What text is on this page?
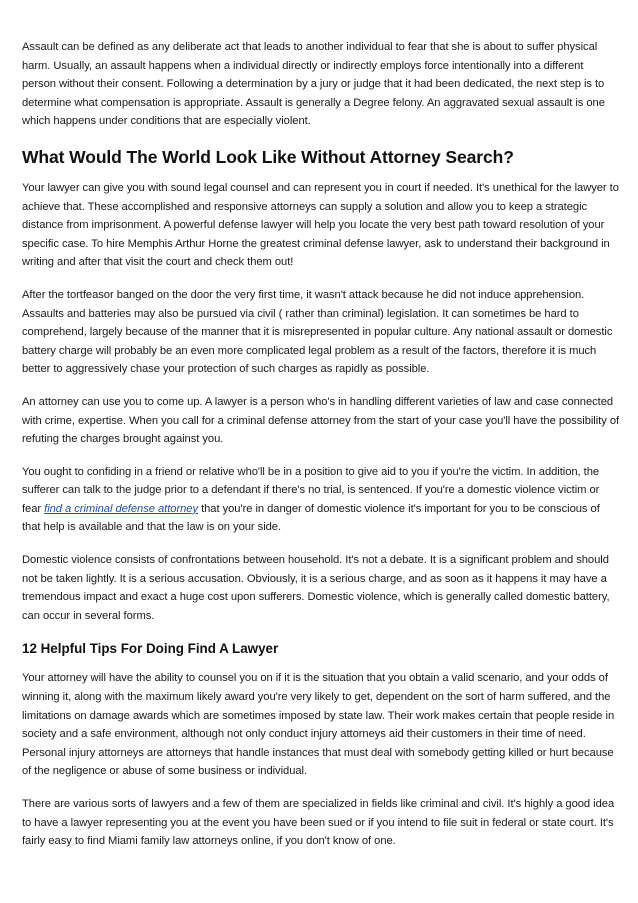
Assault can be defined as any deliberate act that leads to another individual to fear that she is about to suffer physical harm. Usually, an assault happens when a individual directly or indirectly employs force intentionally into a different person without their consent. Following a determination by a jury or judge that it had been dedicated, the next step is to determine what compensation is appropriate. Assault is generally a Degree felony. An aggravated sexual assault is one which happens under conditions that are especially violent.

What Would The World Look Like Without Attorney Search?

Your lawyer can give you with sound legal counsel and can represent you in court if needed. It's unethical for the lawyer to achieve that. These accomplished and responsive attorneys can supply a solution and allow you to keep a strategic distance from imprisonment. A powerful defense lawyer will help you locate the very best path toward resolution of your specific case. To hire Memphis Arthur Horne the greatest criminal defense lawyer, ask to understand their background in writing and after that visit the court and check them out!

After the tortfeasor banged on the door the very first time, it wasn't attack because he did not induce apprehension. Assaults and batteries may also be pursued via civil ( rather than criminal) legislation. It can sometimes be hard to comprehend, largely because of the manner that it is misrepresented in popular culture. Any national assault or domestic battery charge will probably be an even more complicated legal problem as a result of the factors, therefore it is much better to aggressively chase your protection of such charges as rapidly as possible.

An attorney can use you to come up. A lawyer is a person who's in handling different varieties of law and case connected with crime, expertise. When you call for a criminal defense attorney from the start of your case you'll have the possibility of refuting the charges brought against you.

You ought to confiding in a friend or relative who'll be in a position to give aid to you if you're the victim. In addition, the sufferer can talk to the judge prior to a defendant if there's no trial, is sentenced. If you're a domestic violence victim or fear find a criminal defense attorney that you're in danger of domestic violence it's important for you to be conscious of that help is available and that the law is on your side.

Domestic violence consists of confrontations between household. It's not a debate. It is a significant problem and should not be taken lightly. It is a serious accusation. Obviously, it is a serious charge, and as soon as it happens it may have a tremendous impact and exact a huge cost upon sufferers. Domestic violence, which is generally called domestic battery, can occur in several forms.

12 Helpful Tips For Doing Find A Lawyer

Your attorney will have the ability to counsel you on if it is the situation that you obtain a valid scenario, and your odds of winning it, along with the maximum likely award you're very likely to get, dependent on the sort of harm suffered, and the limitations on damage awards which are sometimes imposed by state law. Their work makes certain that people reside in society and a safe environment, although not only conduct injury attorneys aid their customers in their time of need. Personal injury attorneys are attorneys that handle instances that must deal with somebody getting killed or hurt because of the negligence or abuse of some business or individual.

There are various sorts of lawyers and a few of them are specialized in fields like criminal and civil. It's highly a good idea to have a lawyer representing you at the event you have been sued or if you intend to file suit in federal or state court. It's fairly easy to find Miami family law attorneys online, if you don't know of one.
